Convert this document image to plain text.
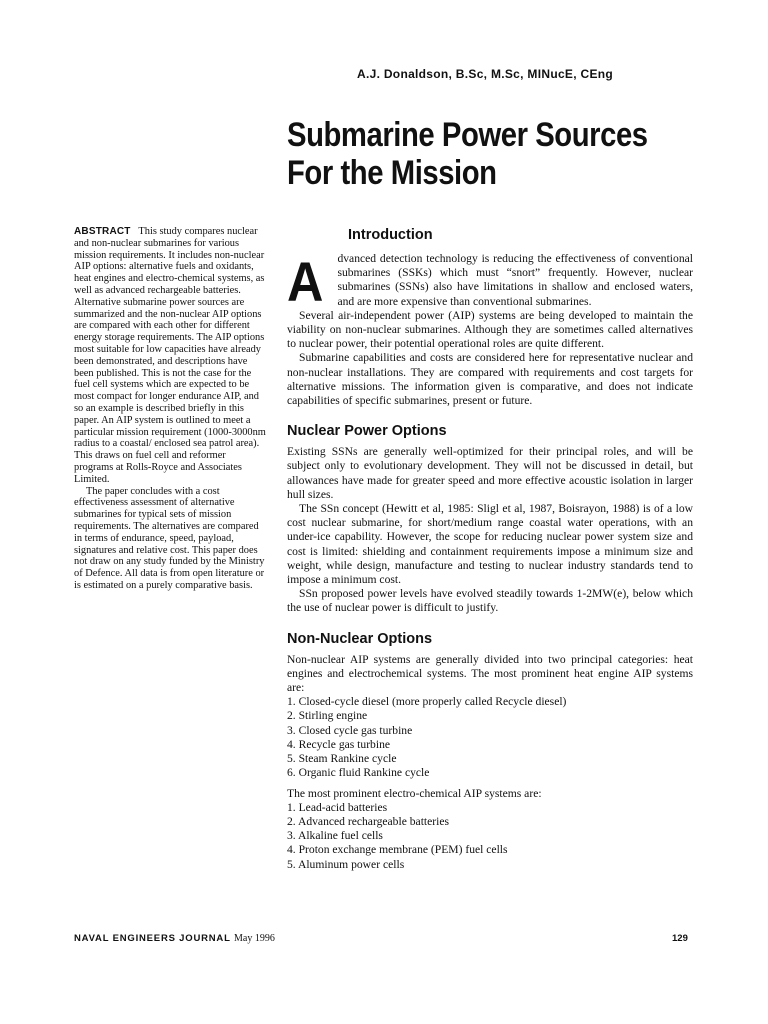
A.J. Donaldson, B.Sc, M.Sc, MINucE, CEng
Submarine Power Sources
For the Mission

ABSTRACT This study compares nuclear and non-nuclear submarines for various mission requirements. It includes non-nuclear AIP options: alternative fuels and oxidants, heat engines and electro-chemical systems, as well as advanced rechargeable batteries. Alternative submarine power sources are summarized and the non-nuclear AIP options are compared with each other for different energy storage requirements. The AIP options most suitable for low capacities have already been demonstrated, and descriptions have been published. This is not the case for the fuel cell systems which are expected to be most compact for longer endurance AIP, and so an example is described briefly in this paper. An AIP system is outlined to meet a particular mission requirement (1000-3000nm radius to a coastal/ enclosed sea patrol area). This draws on fuel cell and reformer programs at Rolls-Royce and Associates Limited.

The paper concludes with a cost effectiveness assessment of alternative submarines for typical sets of mission requirements. The alternatives are compared in terms of endurance, speed, payload, signatures and relative cost. This paper does not draw on any study funded by the Ministry of Defence. All data is from open literature or is estimated on a purely comparative basis.

Introduction

A dvanced detection technology is reducing the effectiveness of conventional submarines (SSKs) which must “snort” frequently. However, nuclear submarines (SSNs) also have limitations in shallow and enclosed waters, and are more expensive than conventional submarines.

Several air-independent power (AIP) systems are being developed to maintain the viability on non-nuclear submarines. Although they are sometimes called alternatives to nuclear power, their potential operational roles are quite different.

Submarine capabilities and costs are considered here for representative nuclear and non-nuclear installations. They are compared with requirements and cost targets for alternative missions. The information given is comparative, and does not indicate capabilities of specific submarines, present or future.

Nuclear Power Options

Existing SSNs are generally well-optimized for their principal roles, and will be subject only to evolutionary development. They will not be discussed in detail, but allowances have made for greater speed and more effective acoustic isolation in larger hull sizes.

The SSn concept (Hewitt et al, 1985: Sligl et al, 1987, Boisrayon, 1988) is of a low cost nuclear submarine, for short/medium range coastal water operations, with an under-ice capability. However, the scope for reducing nuclear power system size and cost is limited: shielding and containment requirements impose a minimum size and weight, while design, manufacture and testing to nuclear industry standards tend to impose a minimum cost.

SSn proposed power levels have evolved steadily towards 1-2MW(e), below which the use of nuclear power is difficult to justify.

Non-Nuclear Options

Non-nuclear AIP systems are generally divided into two principal categories: heat engines and electrochemical systems. The most prominent heat engine AIP systems are:

1. Closed-cycle diesel (more properly called Recycle diesel)
2. Stirling engine
3. Closed cycle gas turbine
4. Recycle gas turbine
5. Steam Rankine cycle
6. Organic fluid Rankine cycle

The most prominent electro-chemical AIP systems are:

1. Lead-acid batteries
2. Advanced rechargeable batteries
3. Alkaline fuel cells
4. Proton exchange membrane (PEM) fuel cells
5. Aluminum power cells
NAVAL ENGINEERS JOURNAL May 1996	129
